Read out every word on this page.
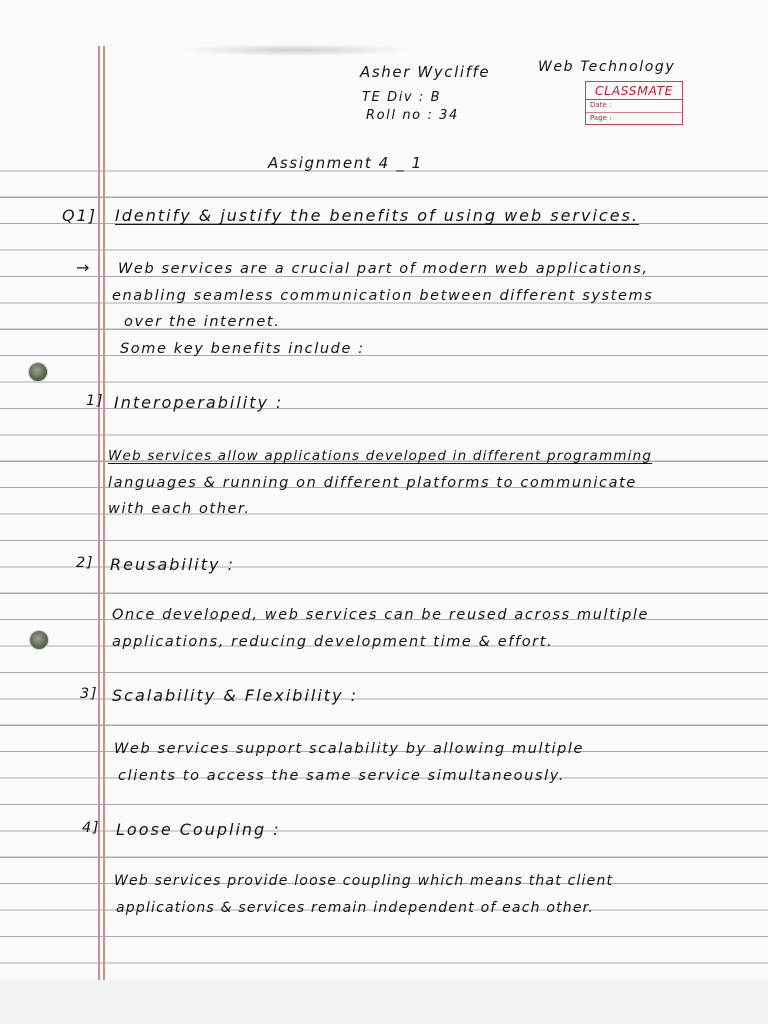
Asher Wycliffe
TE Div : B
Roll no : 34
Web Technology
CLASSMATE
Date :
Page :
Assignment 4 _ 1
Q1] Identify & justify the benefits of using web services.
→ Web services are a crucial part of modern web applications,
enabling seamless communication between different systems
over the internet.
Some key benefits include :
1] Interoperability :
Web services allow applications developed in different programming
languages & running on different platforms to communicate
with each other.
2] Reusability :
Once developed, web services can be reused across multiple
applications, reducing development time & effort.
3] Scalability & Flexibility :
Web services support scalability by allowing multiple
clients to access the same service simultaneously.
4] Loose Coupling :
Web services provide loose coupling which means that client
applications & services remain independent of each other.
